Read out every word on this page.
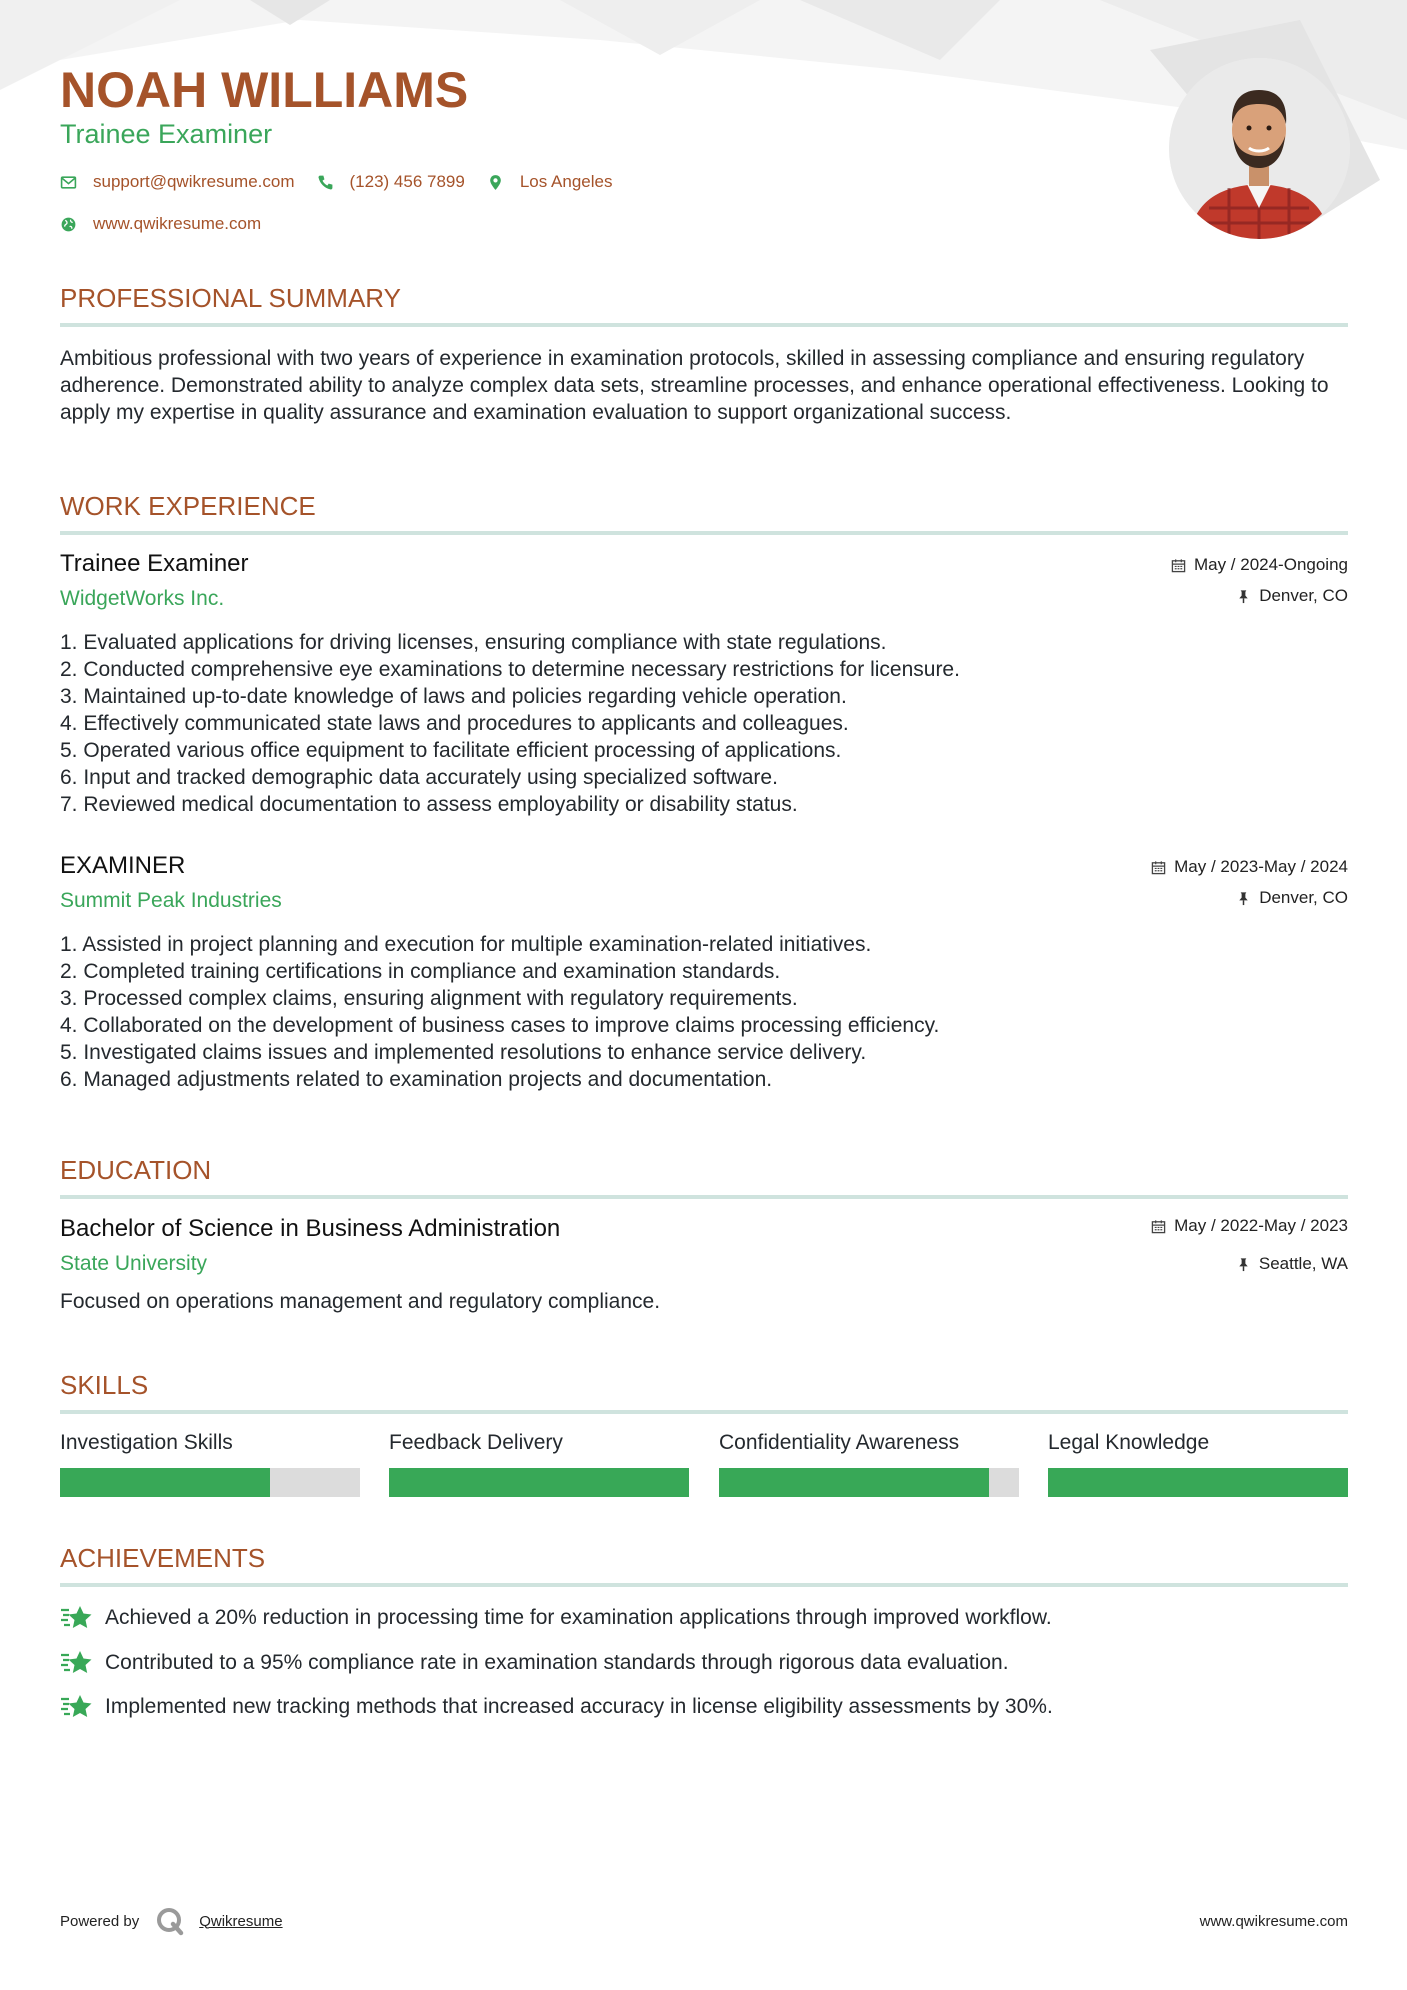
NOAH WILLIAMS
Trainee Examiner
support@qwikresume.com	(123) 456 7899	Los Angeles
www.qwikresume.com
PROFESSIONAL SUMMARY

Ambitious professional with two years of experience in examination protocols, skilled in assessing compliance and ensuring regulatory adherence. Demonstrated ability to analyze complex data sets, streamline processes, and enhance operational effectiveness. Looking to apply my expertise in quality assurance and examination evaluation to support organizational success.

WORK EXPERIENCE
Trainee Examiner
WidgetWorks Inc.
May / 2024-Ongoing
Denver, CO
1. Evaluated applications for driving licenses, ensuring compliance with state regulations.
2. Conducted comprehensive eye examinations to determine necessary restrictions for licensure.
3. Maintained up-to-date knowledge of laws and policies regarding vehicle operation.
4. Effectively communicated state laws and procedures to applicants and colleagues.
5. Operated various office equipment to facilitate efficient processing of applications.
6. Input and tracked demographic data accurately using specialized software.
7. Reviewed medical documentation to assess employability or disability status.
EXAMINER
Summit Peak Industries
May / 2023-May / 2024
Denver, CO
1. Assisted in project planning and execution for multiple examination-related initiatives.
2. Completed training certifications in compliance and examination standards.
3. Processed complex claims, ensuring alignment with regulatory requirements.
4. Collaborated on the development of business cases to improve claims processing efficiency.
5. Investigated claims issues and implemented resolutions to enhance service delivery.
6. Managed adjustments related to examination projects and documentation.
EDUCATION
Bachelor of Science in Business Administration
State University
May / 2022-May / 2023
Seattle, WA

Focused on operations management and regulatory compliance.

SKILLS
Investigation Skills	Feedback Delivery	Confidentiality Awareness	Legal Knowledge
ACHIEVEMENTS
Achieved a 20% reduction in processing time for examination applications through improved workflow.
Contributed to a 95% compliance rate in examination standards through rigorous data evaluation.
Implemented new tracking methods that increased accuracy in license eligibility assessments by 30%.
Powered by	Qwikresume	www.qwikresume.com
